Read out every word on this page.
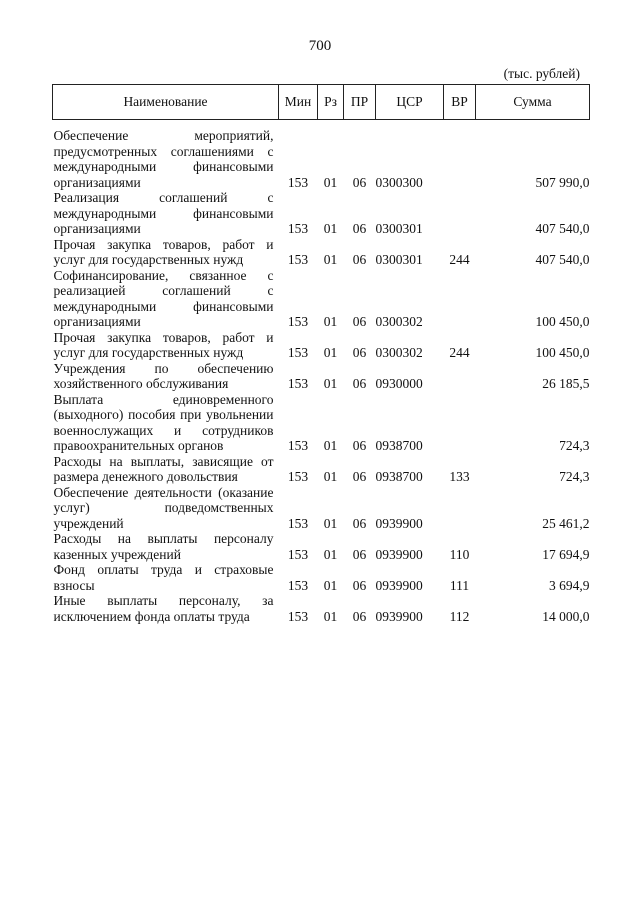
700
(тыс. рублей)
Наименование	Мин	Рз	ПР	ЦСР	ВР	Сумма
Обеспечение мероприятий, предусмотренных соглашениями с международными финансовыми организациями	153	01	06	0300300		507 990,0
Реализация соглашений с международными финансовыми организациями	153	01	06	0300301		407 540,0
Прочая закупка товаров, работ и услуг для государственных нужд	153	01	06	0300301	244	407 540,0
Софинансирование, связанное с реализацией соглашений с международными финансовыми организациями	153	01	06	0300302		100 450,0
Прочая закупка товаров, работ и услуг для государственных нужд	153	01	06	0300302	244	100 450,0
Учреждения по обеспечению хозяйственного обслуживания	153	01	06	0930000		26 185,5
Выплата единовременного (выходного) пособия при увольнении военнослужащих и сотрудников правоохранительных органов	153	01	06	0938700		724,3
Расходы на выплаты, зависящие от размера денежного довольствия	153	01	06	0938700	133	724,3
Обеспечение деятельности (оказание услуг) подведомственных учреждений	153	01	06	0939900		25 461,2
Расходы на выплаты персоналу казенных учреждений	153	01	06	0939900	110	17 694,9
Фонд оплаты труда и страховые взносы	153	01	06	0939900	111	3 694,9
Иные выплаты персоналу, за исключением фонда оплаты труда	153	01	06	0939900	112	14 000,0
